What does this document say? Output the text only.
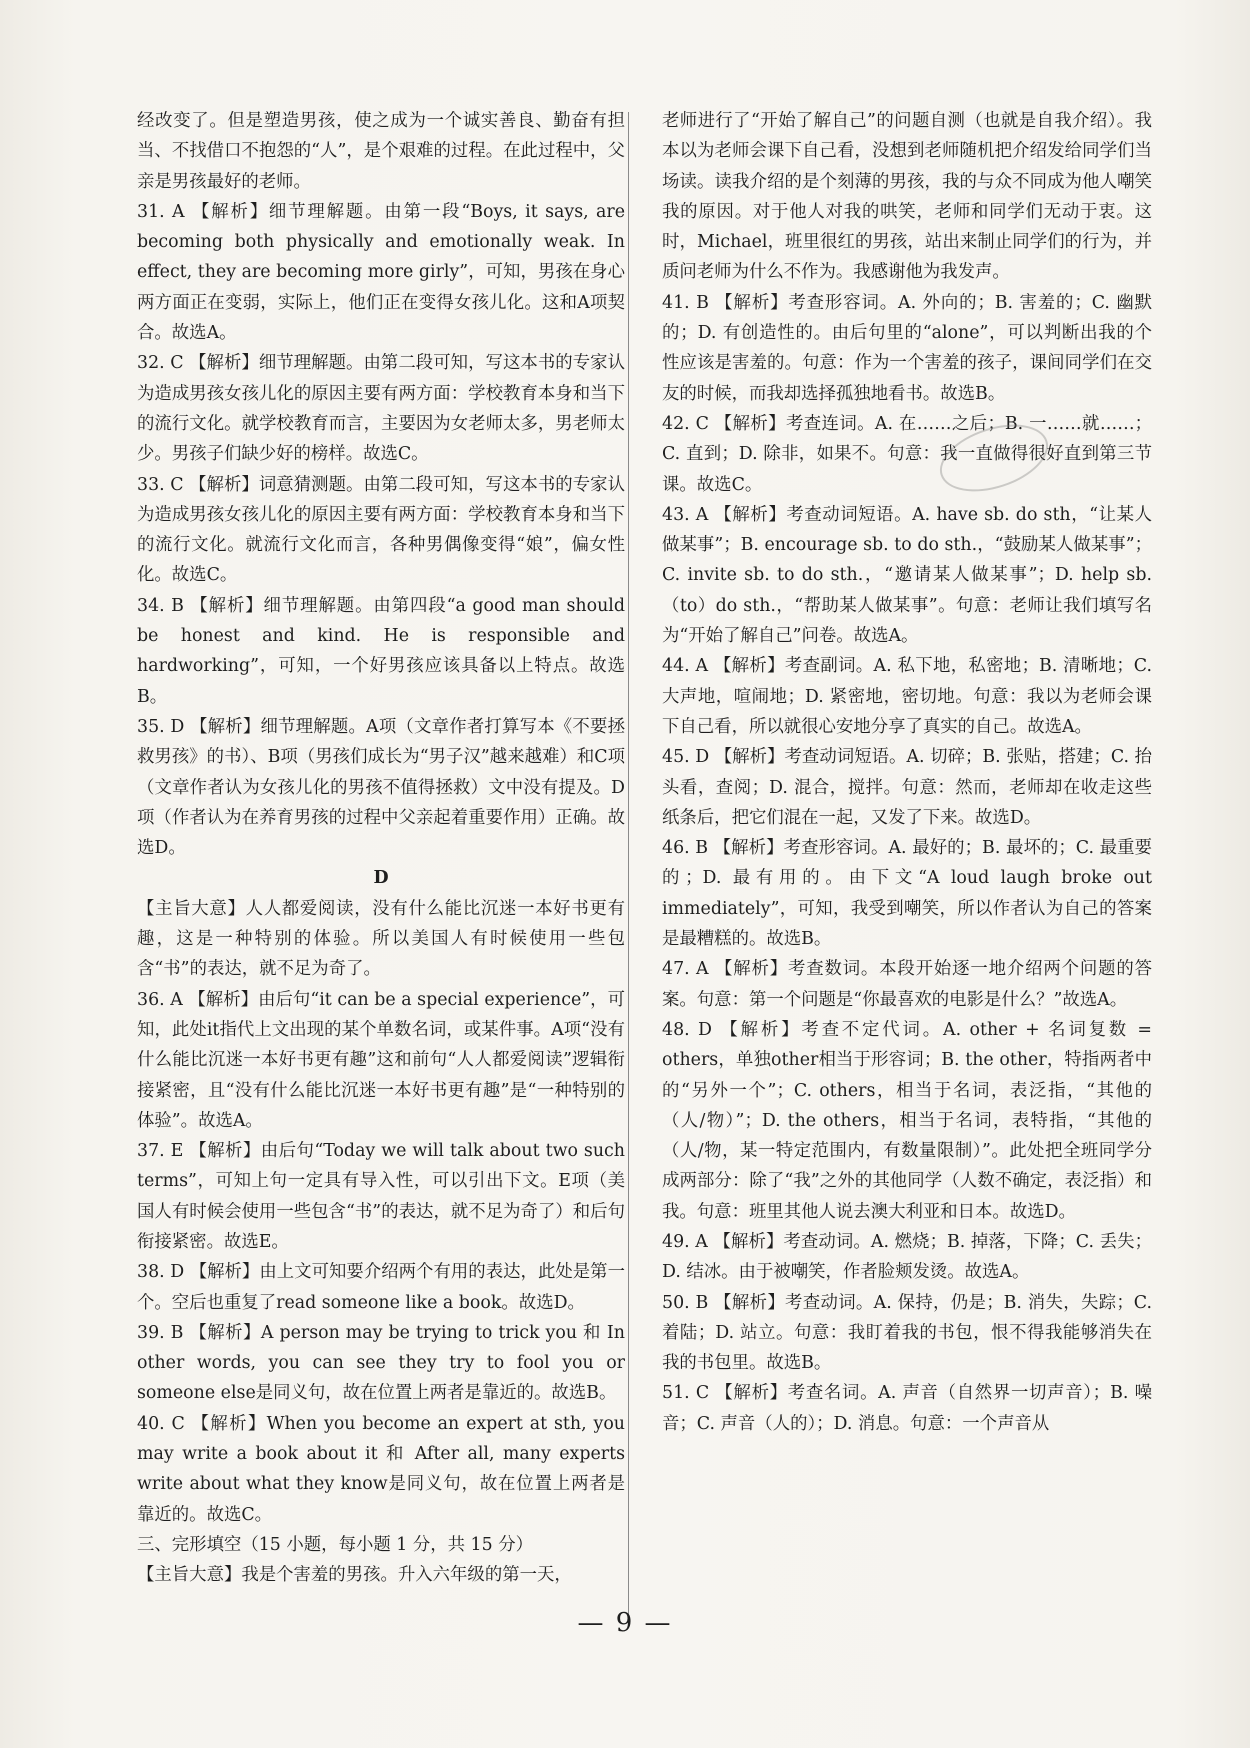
经改变了。但是塑造男孩，使之成为一个诚实善良、勤奋有担当、不找借口不抱怨的“人”，是个艰难的过程。在此过程中，父亲是男孩最好的老师。

31. A 【解析】细节理解题。由第一段“Boys, it says, are becoming both physically and emotionally weak. In effect, they are becoming more girly”，可知，男孩在身心两方面正在变弱，实际上，他们正在变得女孩儿化。这和A项契合。故选A。

32. C 【解析】细节理解题。由第二段可知，写这本书的专家认为造成男孩女孩儿化的原因主要有两方面：学校教育本身和当下的流行文化。就学校教育而言，主要因为女老师太多，男老师太少。男孩子们缺少好的榜样。故选C。

33. C 【解析】词意猜测题。由第二段可知，写这本书的专家认为造成男孩女孩儿化的原因主要有两方面：学校教育本身和当下的流行文化。就流行文化而言，各种男偶像变得“娘”，偏女性化。故选C。

34. B 【解析】细节理解题。由第四段“a good man should be honest and kind. He is responsible and hardworking”，可知，一个好男孩应该具备以上特点。故选B。

35. D 【解析】细节理解题。A项（文章作者打算写本《不要拯救男孩》的书）、B项（男孩们成长为“男子汉”越来越难）和C项（文章作者认为女孩儿化的男孩不值得拯救）文中没有提及。D项（作者认为在养育男孩的过程中父亲起着重要作用）正确。故选D。

D

【主旨大意】人人都爱阅读，没有什么能比沉迷一本好书更有趣，这是一种特别的体验。所以美国人有时候使用一些包含“书”的表达，就不足为奇了。

36. A 【解析】由后句“it can be a special experience”，可知，此处it指代上文出现的某个单数名词，或某件事。A项“没有什么能比沉迷一本好书更有趣”这和前句“人人都爱阅读”逻辑衔接紧密，且“没有什么能比沉迷一本好书更有趣”是“一种特别的体验”。故选A。

37. E 【解析】由后句“Today we will talk about two such terms”，可知上句一定具有导入性，可以引出下文。E项（美国人有时候会使用一些包含“书”的表达，就不足为奇了）和后句衔接紧密。故选E。

38. D 【解析】由上文可知要介绍两个有用的表达，此处是第一个。空后也重复了read someone like a book。故选D。

39. B 【解析】A person may be trying to trick you 和 In other words, you can see they try to fool you or someone else是同义句，故在位置上两者是靠近的。故选B。

40. C 【解析】When you become an expert at sth, you may write a book about it 和 After all, many experts write about what they know是同义句，故在位置上两者是靠近的。故选C。

三、完形填空（15 小题，每小题 1 分，共 15 分）

【主旨大意】我是个害羞的男孩。升入六年级的第一天，

老师进行了“开始了解自己”的问题自测（也就是自我介绍）。我本以为老师会课下自己看，没想到老师随机把介绍发给同学们当场读。读我介绍的是个刻薄的男孩，我的与众不同成为他人嘲笑我的原因。对于他人对我的哄笑，老师和同学们无动于衷。这时，Michael，班里很红的男孩，站出来制止同学们的行为，并质问老师为什么不作为。我感谢他为我发声。

41. B 【解析】考查形容词。A. 外向的；B. 害羞的；C. 幽默的；D. 有创造性的。由后句里的“alone”，可以判断出我的个性应该是害羞的。句意：作为一个害羞的孩子，课间同学们在交友的时候，而我却选择孤独地看书。故选B。

42. C 【解析】考查连词。A. 在……之后；B. 一……就……；C. 直到；D. 除非，如果不。句意：我一直做得很好直到第三节课。故选C。

43. A 【解析】考查动词短语。A. have sb. do sth，“让某人做某事”；B. encourage sb. to do sth.，“鼓励某人做某事”；C. invite sb. to do sth.，“邀请某人做某事”；D. help sb.（to）do sth.，“帮助某人做某事”。句意：老师让我们填写名为“开始了解自己”问卷。故选A。

44. A 【解析】考查副词。A. 私下地，私密地；B. 清晰地；C. 大声地，喧闹地；D. 紧密地，密切地。句意：我以为老师会课下自己看，所以就很心安地分享了真实的自己。故选A。

45. D 【解析】考查动词短语。A. 切碎；B. 张贴，搭建；C. 抬头看，查阅；D. 混合，搅拌。句意：然而，老师却在收走这些纸条后，把它们混在一起，又发了下来。故选D。

46. B 【解析】考查形容词。A. 最好的；B. 最坏的；C. 最重要的；D. 最有用的。由下文“A loud laugh broke out immediately”，可知，我受到嘲笑，所以作者认为自己的答案是最糟糕的。故选B。

47. A 【解析】考查数词。本段开始逐一地介绍两个问题的答案。句意：第一个问题是“你最喜欢的电影是什么？”故选A。

48. D 【解析】考查不定代词。A. other + 名词复数 = others，单独other相当于形容词；B. the other，特指两者中的“另外一个”；C. others，相当于名词，表泛指，“其他的（人/物）”；D. the others，相当于名词，表特指，“其他的（人/物，某一特定范围内，有数量限制）”。此处把全班同学分成两部分：除了“我”之外的其他同学（人数不确定，表泛指）和我。句意：班里其他人说去澳大利亚和日本。故选D。

49. A 【解析】考查动词。A. 燃烧；B. 掉落，下降；C. 丢失；D. 结冰。由于被嘲笑，作者脸颊发烫。故选A。

50. B 【解析】考查动词。A. 保持，仍是；B. 消失，失踪；C. 着陆；D. 站立。句意：我盯着我的书包，恨不得我能够消失在我的书包里。故选B。

51. C 【解析】考查名词。A. 声音（自然界一切声音）；B. 噪音；C. 声音（人的）；D. 消息。句意：一个声音从

— 9 —
